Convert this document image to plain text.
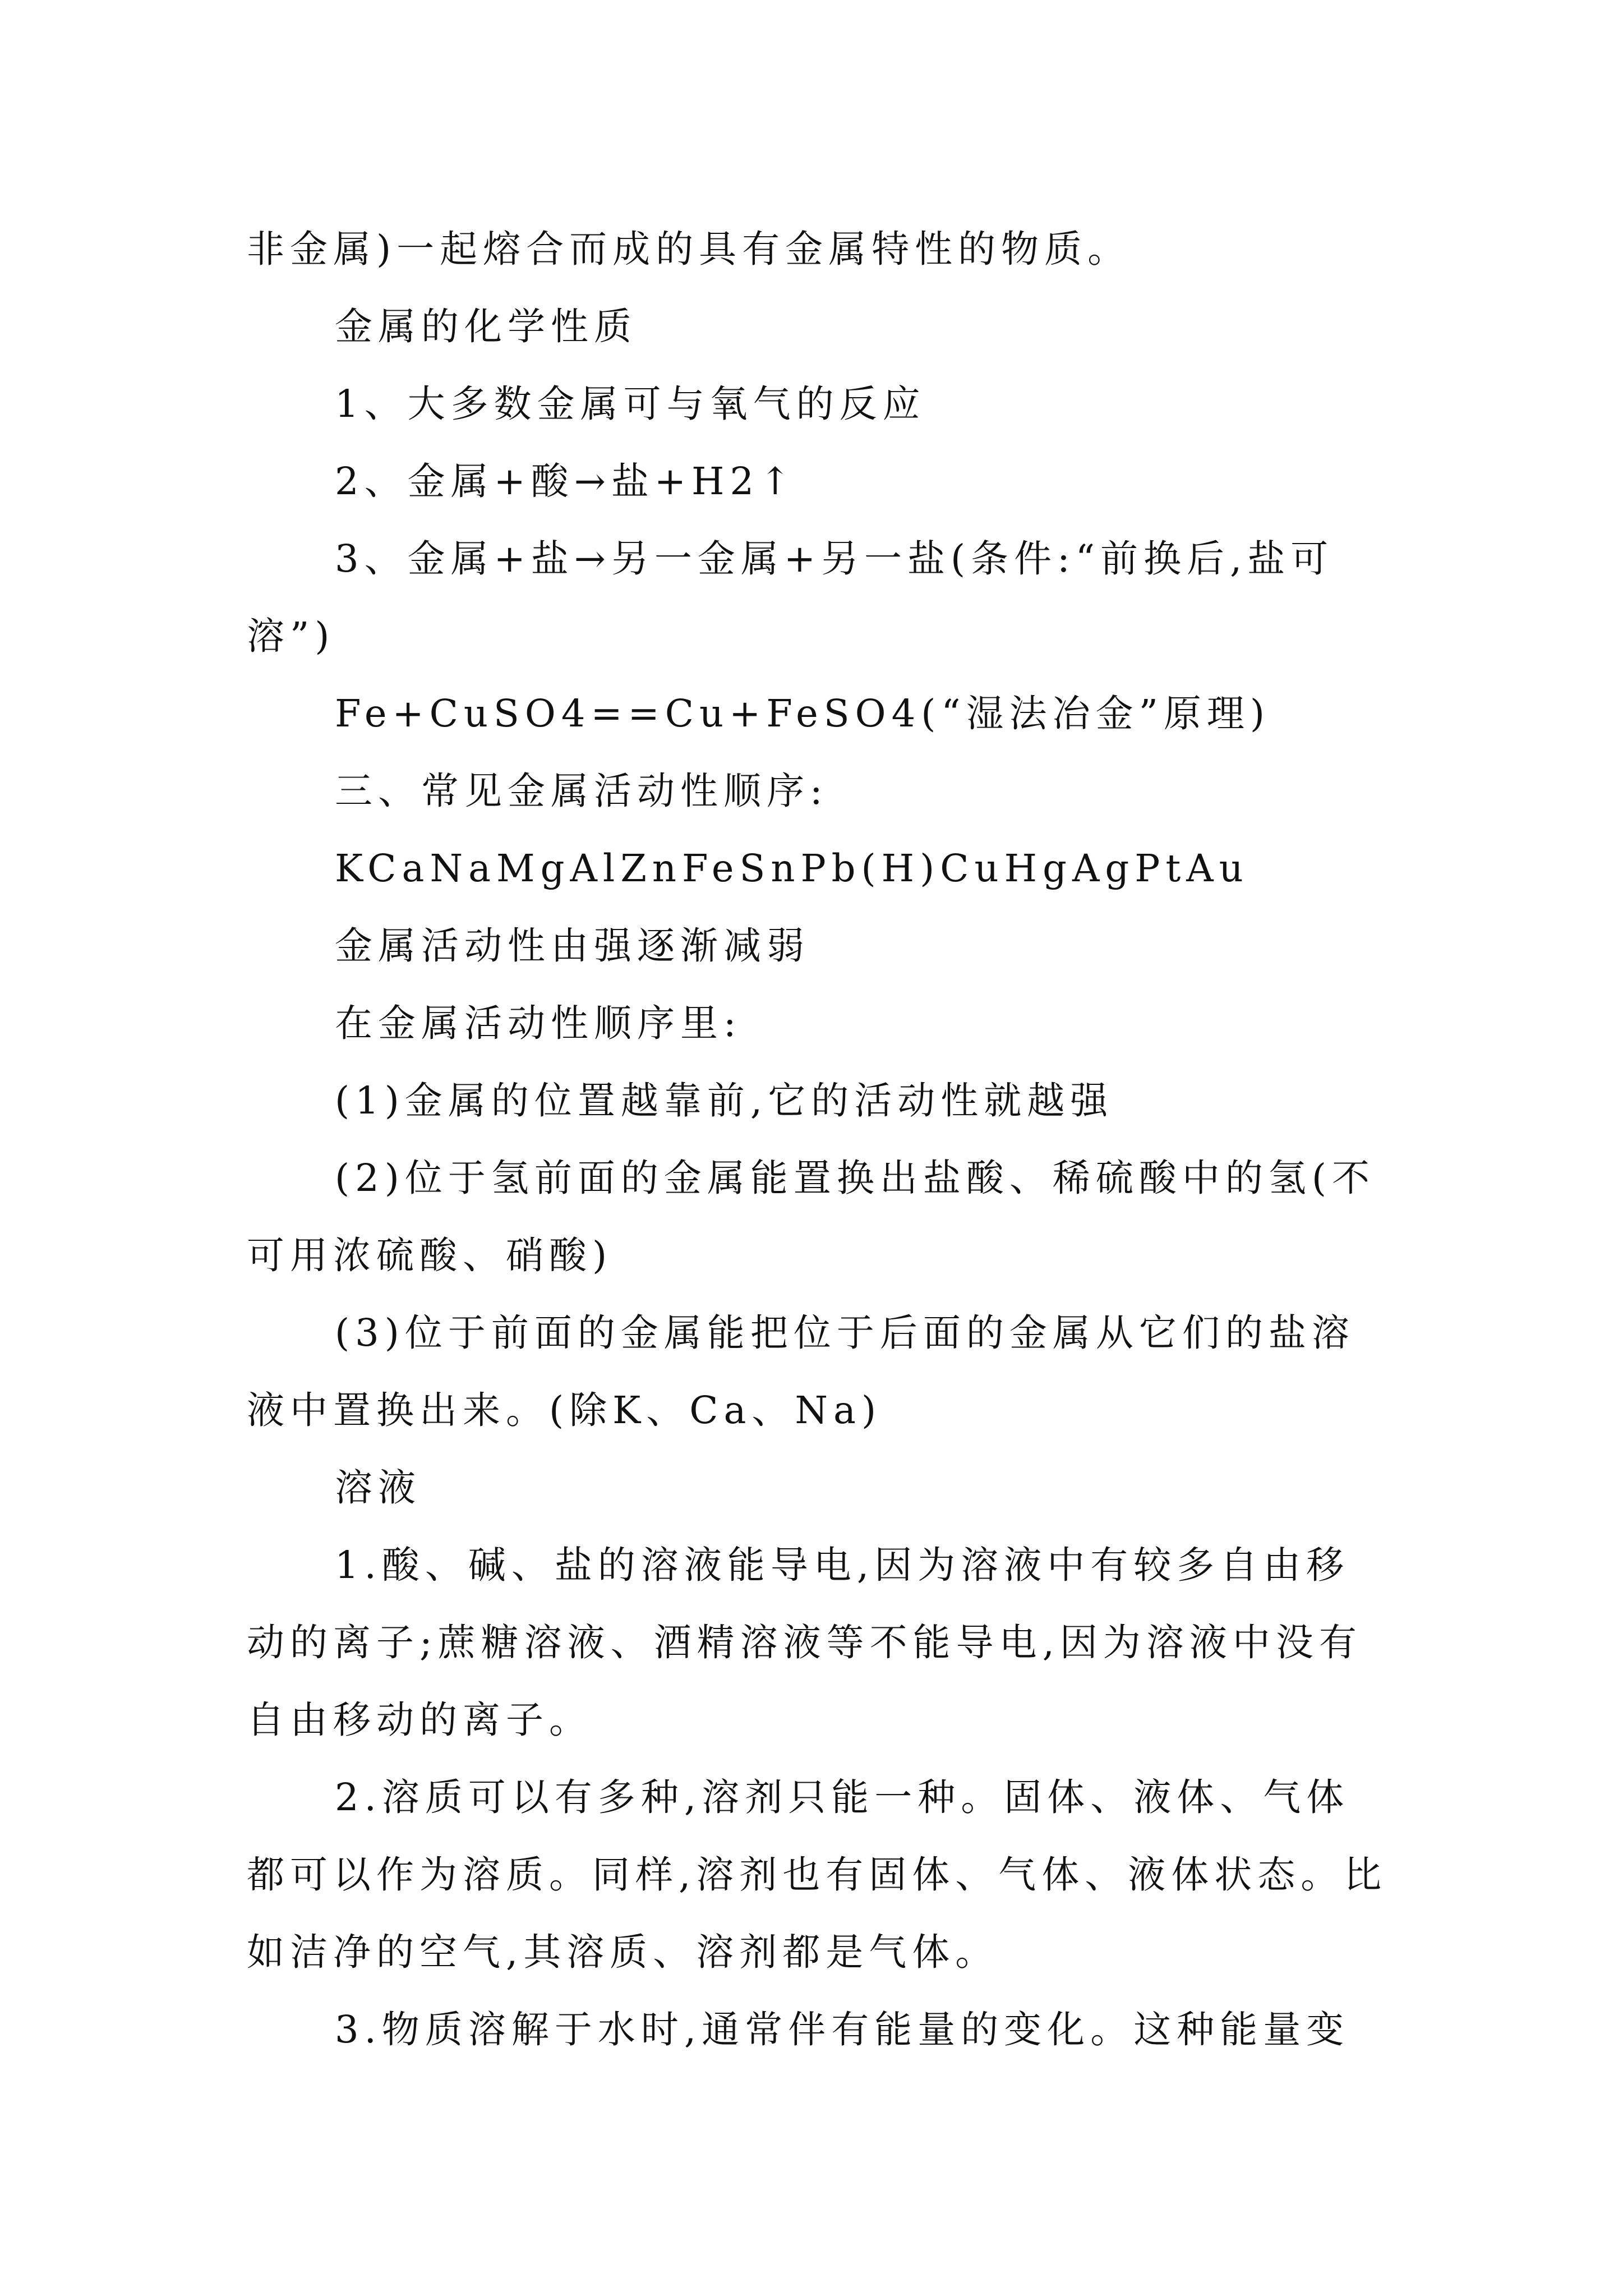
非金属)一起熔合而成的具有金属特性的物质。

金属的化学性质

1、大多数金属可与氧气的反应

2、金属+酸→盐+H2↑

3、金属+盐→另一金属+另一盐(条件:“前换后,盐可溶”)

Fe+CuSO4==Cu+FeSO4(“湿法冶金”原理)

三、常见金属活动性顺序:

KCaNaMgAlZnFeSnPb(H)CuHgAgPtAu

金属活动性由强逐渐减弱

在金属活动性顺序里:

(1)金属的位置越靠前,它的活动性就越强

(2)位于氢前面的金属能置换出盐酸、稀硫酸中的氢(不可用浓硫酸、硝酸)

(3)位于前面的金属能把位于后面的金属从它们的盐溶液中置换出来。(除K、Ca、Na)

溶液

1.酸、碱、盐的溶液能导电,因为溶液中有较多自由移动的离子;蔗糖溶液、酒精溶液等不能导电,因为溶液中没有自由移动的离子。

2.溶质可以有多种,溶剂只能一种。固体、液体、气体都可以作为溶质。同样,溶剂也有固体、气体、液体状态。比如洁净的空气,其溶质、溶剂都是气体。

3.物质溶解于水时,通常伴有能量的变化。这种能量变
